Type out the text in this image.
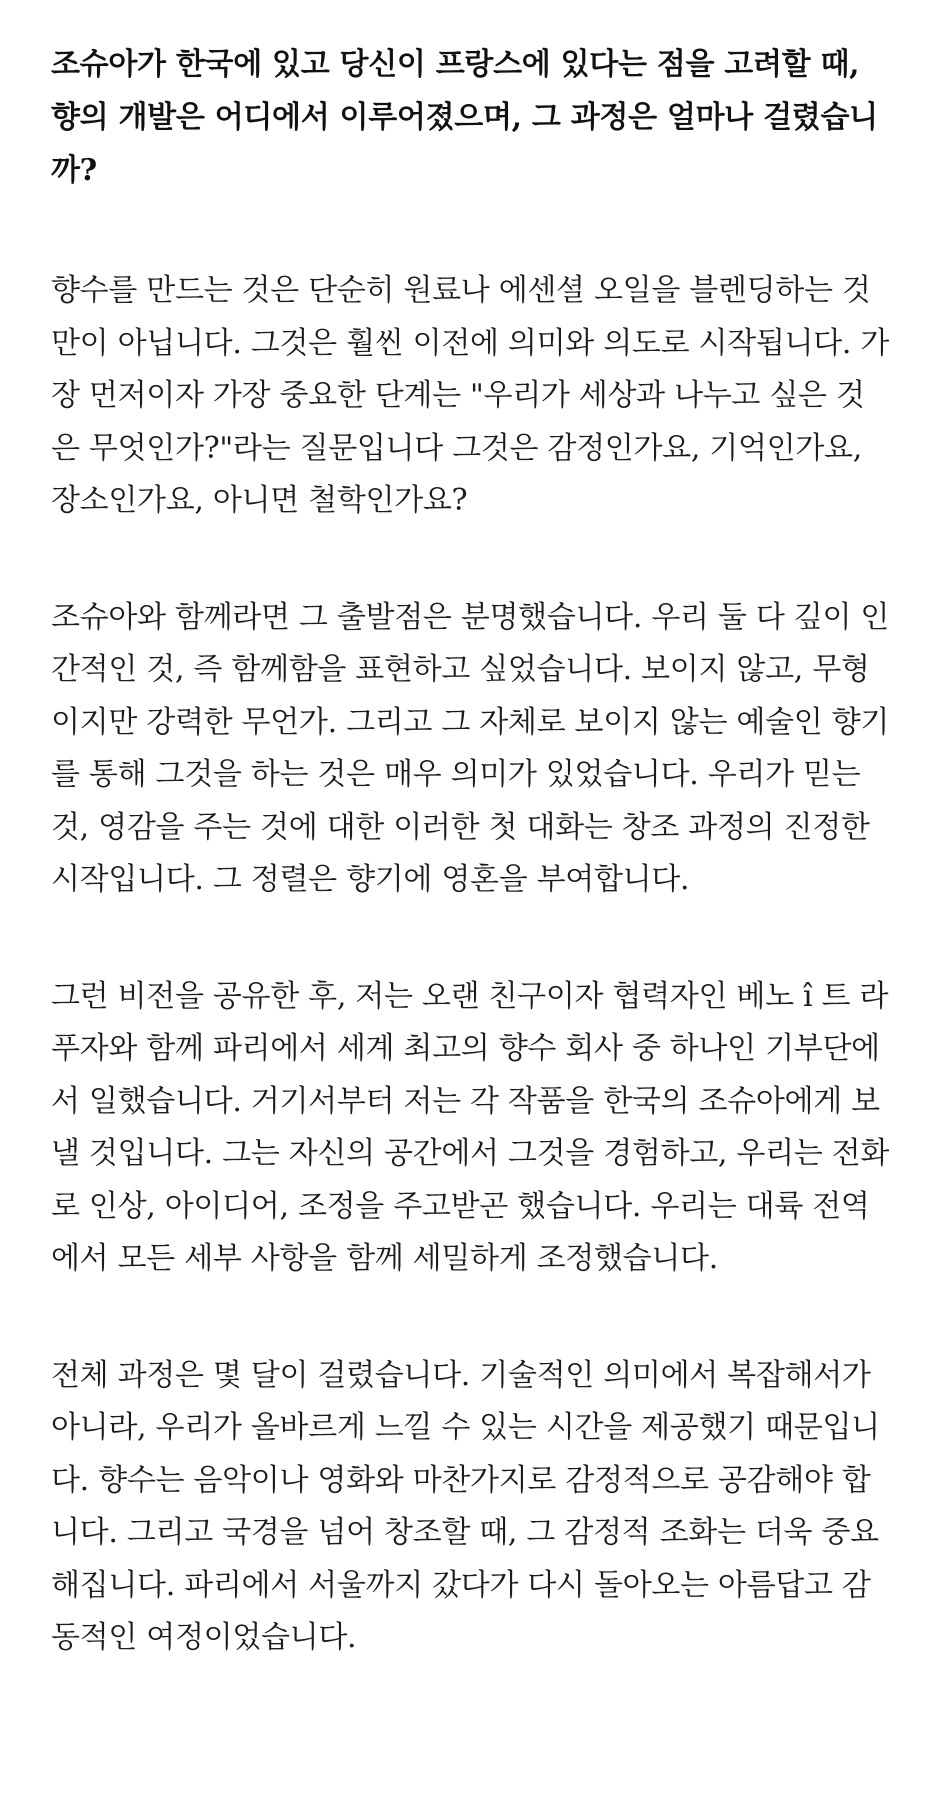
조슈아가 한국에 있고 당신이 프랑스에 있다는 점을 고려할 때, 향의 개발은 어디에서 이루어졌으며, 그 과정은 얼마나 걸렸습니까?

향수를 만드는 것은 단순히 원료나 에센셜 오일을 블렌딩하는 것만이 아닙니다. 그것은 훨씬 이전에 의미와 의도로 시작됩니다. 가장 먼저이자 가장 중요한 단계는 "우리가 세상과 나누고 싶은 것은 무엇인가?"라는 질문입니다 그것은 감정인가요, 기억인가요, 장소인가요, 아니면 철학인가요?

조슈아와 함께라면 그 출발점은 분명했습니다. 우리 둘 다 깊이 인간적인 것, 즉 함께함을 표현하고 싶었습니다. 보이지 않고, 무형이지만 강력한 무언가. 그리고 그 자체로 보이지 않는 예술인 향기를 통해 그것을 하는 것은 매우 의미가 있었습니다. 우리가 믿는 것, 영감을 주는 것에 대한 이러한 첫 대화는 창조 과정의 진정한 시작입니다. 그 정렬은 향기에 영혼을 부여합니다.

그런 비전을 공유한 후, 저는 오랜 친구이자 협력자인 베노 î 트 라푸자와 함께 파리에서 세계 최고의 향수 회사 중 하나인 기부단에서 일했습니다. 거기서부터 저는 각 작품을 한국의 조슈아에게 보낼 것입니다. 그는 자신의 공간에서 그것을 경험하고, 우리는 전화로 인상, 아이디어, 조정을 주고받곤 했습니다. 우리는 대륙 전역에서 모든 세부 사항을 함께 세밀하게 조정했습니다.

전체 과정은 몇 달이 걸렸습니다. 기술적인 의미에서 복잡해서가 아니라, 우리가 올바르게 느낄 수 있는 시간을 제공했기 때문입니다. 향수는 음악이나 영화와 마찬가지로 감정적으로 공감해야 합니다. 그리고 국경을 넘어 창조할 때, 그 감정적 조화는 더욱 중요해집니다. 파리에서 서울까지 갔다가 다시 돌아오는 아름답고 감동적인 여정이었습니다.
